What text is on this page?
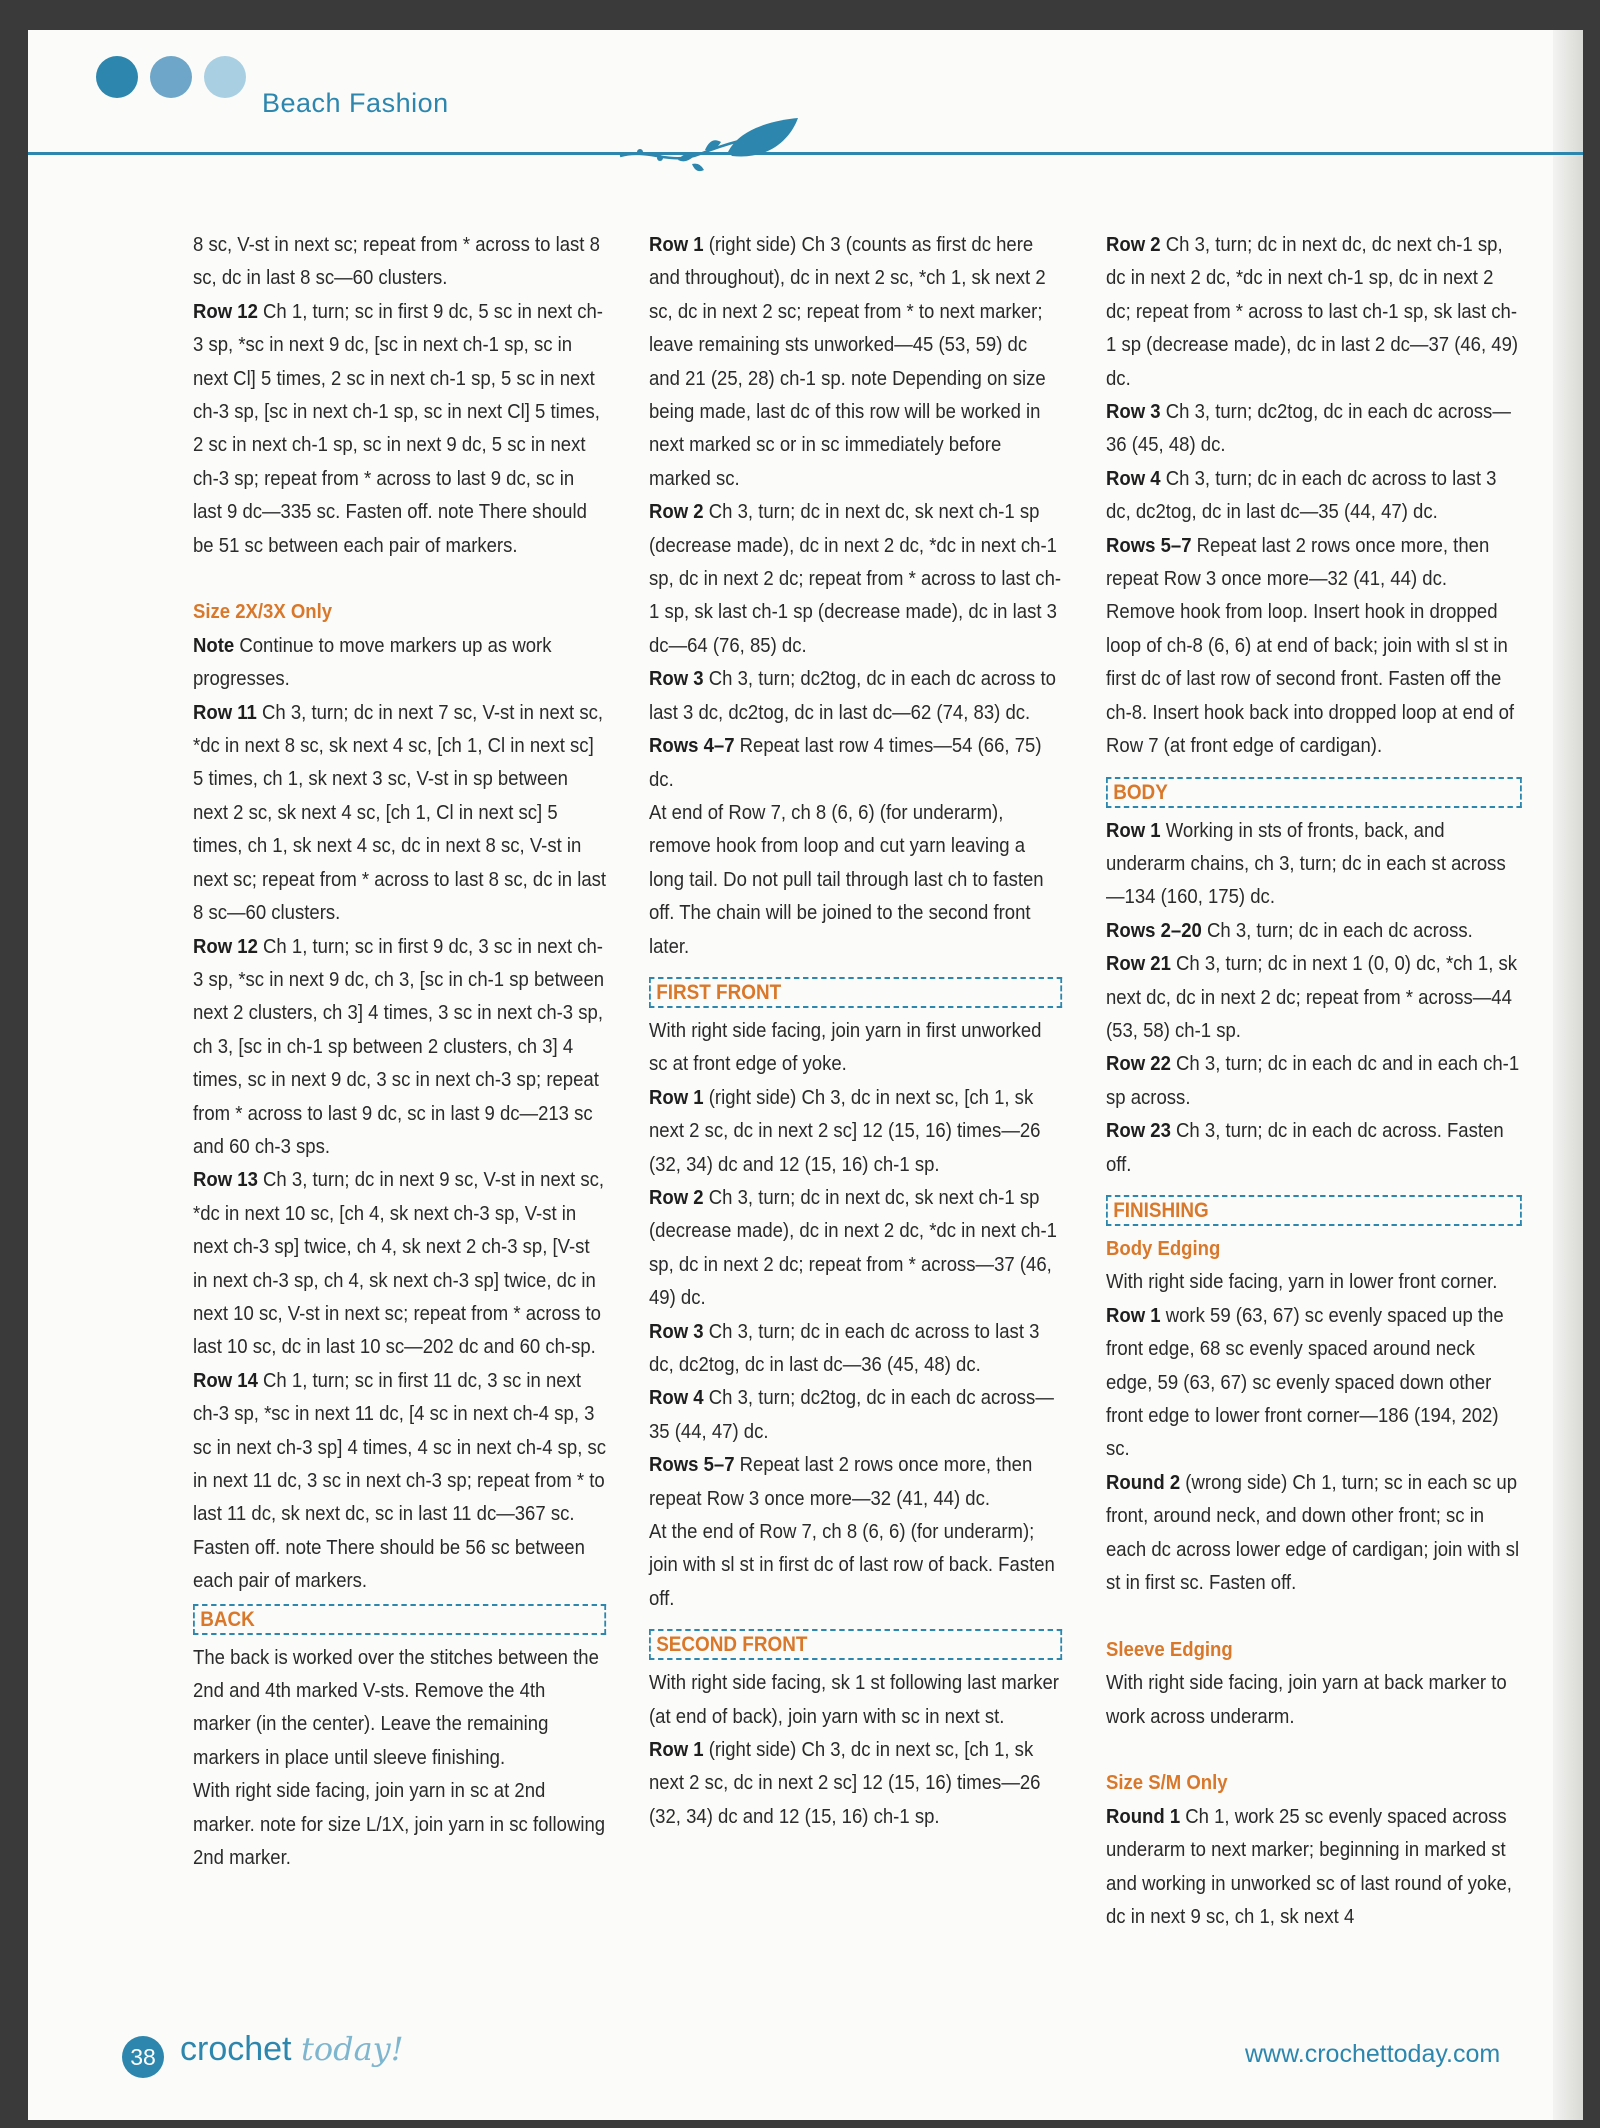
Beach Fashion

8 sc, V-st in next sc; repeat from * across to last 8 sc, dc in last 8 sc—60 clusters.

Row 12 Ch 1, turn; sc in first 9 dc, 5 sc in next ch-3 sp, *sc in next 9 dc, [sc in next ch-1 sp, sc in next Cl] 5 times, 2 sc in next ch-1 sp, 5 sc in next ch-3 sp, [sc in next ch-1 sp, sc in next Cl] 5 times, 2 sc in next ch-1 sp, sc in next 9 dc, 5 sc in next ch-3 sp; repeat from * across to last 9 dc, sc in last 9 dc—335 sc. Fasten off. note There should be 51 sc between each pair of markers.

Size 2X/3X Only

Note Continue to move markers up as work progresses.

Row 11 Ch 3, turn; dc in next 7 sc, V-st in next sc, *dc in next 8 sc, sk next 4 sc, [ch 1, Cl in next sc] 5 times, ch 1, sk next 3 sc, V-st in sp between next 2 sc, sk next 4 sc, [ch 1, Cl in next sc] 5 times, ch 1, sk next 4 sc, dc in next 8 sc, V-st in next sc; repeat from * across to last 8 sc, dc in last 8 sc—60 clusters.

Row 12 Ch 1, turn; sc in first 9 dc, 3 sc in next ch-3 sp, *sc in next 9 dc, ch 3, [sc in ch-1 sp between next 2 clusters, ch 3] 4 times, 3 sc in next ch-3 sp, ch 3, [sc in ch-1 sp between 2 clusters, ch 3] 4 times, sc in next 9 dc, 3 sc in next ch-3 sp; repeat from * across to last 9 dc, sc in last 9 dc—213 sc and 60 ch-3 sps.

Row 13 Ch 3, turn; dc in next 9 sc, V-st in next sc, *dc in next 10 sc, [ch 4, sk next ch-3 sp, V-st in next ch-3 sp] twice, ch 4, sk next 2 ch-3 sp, [V-st in next ch-3 sp, ch 4, sk next ch-3 sp] twice, dc in next 10 sc, V-st in next sc; repeat from * across to last 10 sc, dc in last 10 sc—202 dc and 60 ch-sp.

Row 14 Ch 1, turn; sc in first 11 dc, 3 sc in next ch-3 sp, *sc in next 11 dc, [4 sc in next ch-4 sp, 3 sc in next ch-3 sp] 4 times, 4 sc in next ch-4 sp, sc in next 11 dc, 3 sc in next ch-3 sp; repeat from * to last 11 dc, sk next dc, sc in last 11 dc—367 sc. Fasten off. note There should be 56 sc between each pair of markers.

BACK

The back is worked over the stitches between the 2nd and 4th marked V-sts. Remove the 4th marker (in the center). Leave the remaining markers in place until sleeve finishing.

With right side facing, join yarn in sc at 2nd marker. note for size L/1X, join yarn in sc following 2nd marker.

Row 1 (right side) Ch 3 (counts as first dc here and throughout), dc in next 2 sc, *ch 1, sk next 2 sc, dc in next 2 sc; repeat from * to next marker; leave remaining sts unworked—45 (53, 59) dc and 21 (25, 28) ch-1 sp. note Depending on size being made, last dc of this row will be worked in next marked sc or in sc immediately before marked sc.

Row 2 Ch 3, turn; dc in next dc, sk next ch-1 sp (decrease made), dc in next 2 dc, *dc in next ch-1 sp, dc in next 2 dc; repeat from * across to last ch-1 sp, sk last ch-1 sp (decrease made), dc in last 3 dc—64 (76, 85) dc.

Row 3 Ch 3, turn; dc2tog, dc in each dc across to last 3 dc, dc2tog, dc in last dc—62 (74, 83) dc.

Rows 4–7 Repeat last row 4 times—54 (66, 75) dc.

At end of Row 7, ch 8 (6, 6) (for underarm), remove hook from loop and cut yarn leaving a long tail. Do not pull tail through last ch to fasten off. The chain will be joined to the second front later.

FIRST FRONT

With right side facing, join yarn in first unworked sc at front edge of yoke.

Row 1 (right side) Ch 3, dc in next sc, [ch 1, sk next 2 sc, dc in next 2 sc] 12 (15, 16) times—26 (32, 34) dc and 12 (15, 16) ch-1 sp.

Row 2 Ch 3, turn; dc in next dc, sk next ch-1 sp (decrease made), dc in next 2 dc, *dc in next ch-1 sp, dc in next 2 dc; repeat from * across—37 (46, 49) dc.

Row 3 Ch 3, turn; dc in each dc across to last 3 dc, dc2tog, dc in last dc—36 (45, 48) dc.

Row 4 Ch 3, turn; dc2tog, dc in each dc across—35 (44, 47) dc.

Rows 5–7 Repeat last 2 rows once more, then repeat Row 3 once more—32 (41, 44) dc.

At the end of Row 7, ch 8 (6, 6) (for underarm); join with sl st in first dc of last row of back. Fasten off.

SECOND FRONT

With right side facing, sk 1 st following last marker (at end of back), join yarn with sc in next st.

Row 1 (right side) Ch 3, dc in next sc, [ch 1, sk next 2 sc, dc in next 2 sc] 12 (15, 16) times—26 (32, 34) dc and 12 (15, 16) ch-1 sp.

Row 2 Ch 3, turn; dc in next dc, dc next ch-1 sp, dc in next 2 dc, *dc in next ch-1 sp, dc in next 2 dc; repeat from * across to last ch-1 sp, sk last ch-1 sp (decrease made), dc in last 2 dc—37 (46, 49) dc.

Row 3 Ch 3, turn; dc2tog, dc in each dc across—36 (45, 48) dc.

Row 4 Ch 3, turn; dc in each dc across to last 3 dc, dc2tog, dc in last dc—35 (44, 47) dc.

Rows 5–7 Repeat last 2 rows once more, then repeat Row 3 once more—32 (41, 44) dc.

Remove hook from loop. Insert hook in dropped loop of ch-8 (6, 6) at end of back; join with sl st in first dc of last row of second front. Fasten off the ch-8. Insert hook back into dropped loop at end of Row 7 (at front edge of cardigan).

BODY

Row 1 Working in sts of fronts, back, and underarm chains, ch 3, turn; dc in each st across—134 (160, 175) dc.

Rows 2–20 Ch 3, turn; dc in each dc across.

Row 21 Ch 3, turn; dc in next 1 (0, 0) dc, *ch 1, sk next dc, dc in next 2 dc; repeat from * across—44 (53, 58) ch-1 sp.

Row 22 Ch 3, turn; dc in each dc and in each ch-1 sp across.

Row 23 Ch 3, turn; dc in each dc across. Fasten off.

FINISHING

Body Edging

With right side facing, yarn in lower front corner.

Row 1 work 59 (63, 67) sc evenly spaced up the front edge, 68 sc evenly spaced around neck edge, 59 (63, 67) sc evenly spaced down other front edge to lower front corner—186 (194, 202) sc.

Round 2 (wrong side) Ch 1, turn; sc in each sc up front, around neck, and down other front; sc in each dc across lower edge of cardigan; join with sl st in first sc. Fasten off.

Sleeve Edging

With right side facing, join yarn at back marker to work across underarm.

Size S/M Only

Round 1 Ch 1, work 25 sc evenly spaced across underarm to next marker; beginning in marked st and working in unworked sc of last round of yoke, dc in next 9 sc, ch 1, sk next 4

38 crochet today!	www.crochettoday.com
